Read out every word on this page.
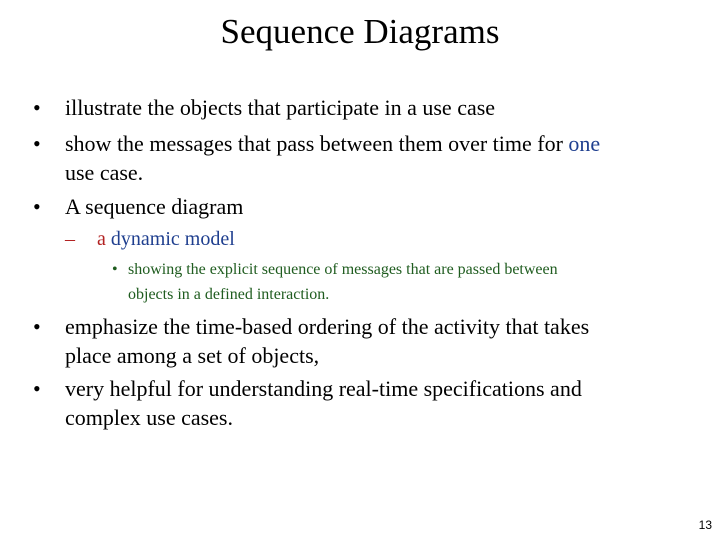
Sequence Diagrams
• illustrate the objects that participate in a use case
• show the messages that pass between them over time for one
use case.
• A sequence diagram
– a dynamic model
• showing the explicit sequence of messages that are passed between
objects in a defined interaction.
• emphasize the time-based ordering of the activity that takes
place among a set of objects,
• very helpful for understanding real-time specifications and
complex use cases.
13
